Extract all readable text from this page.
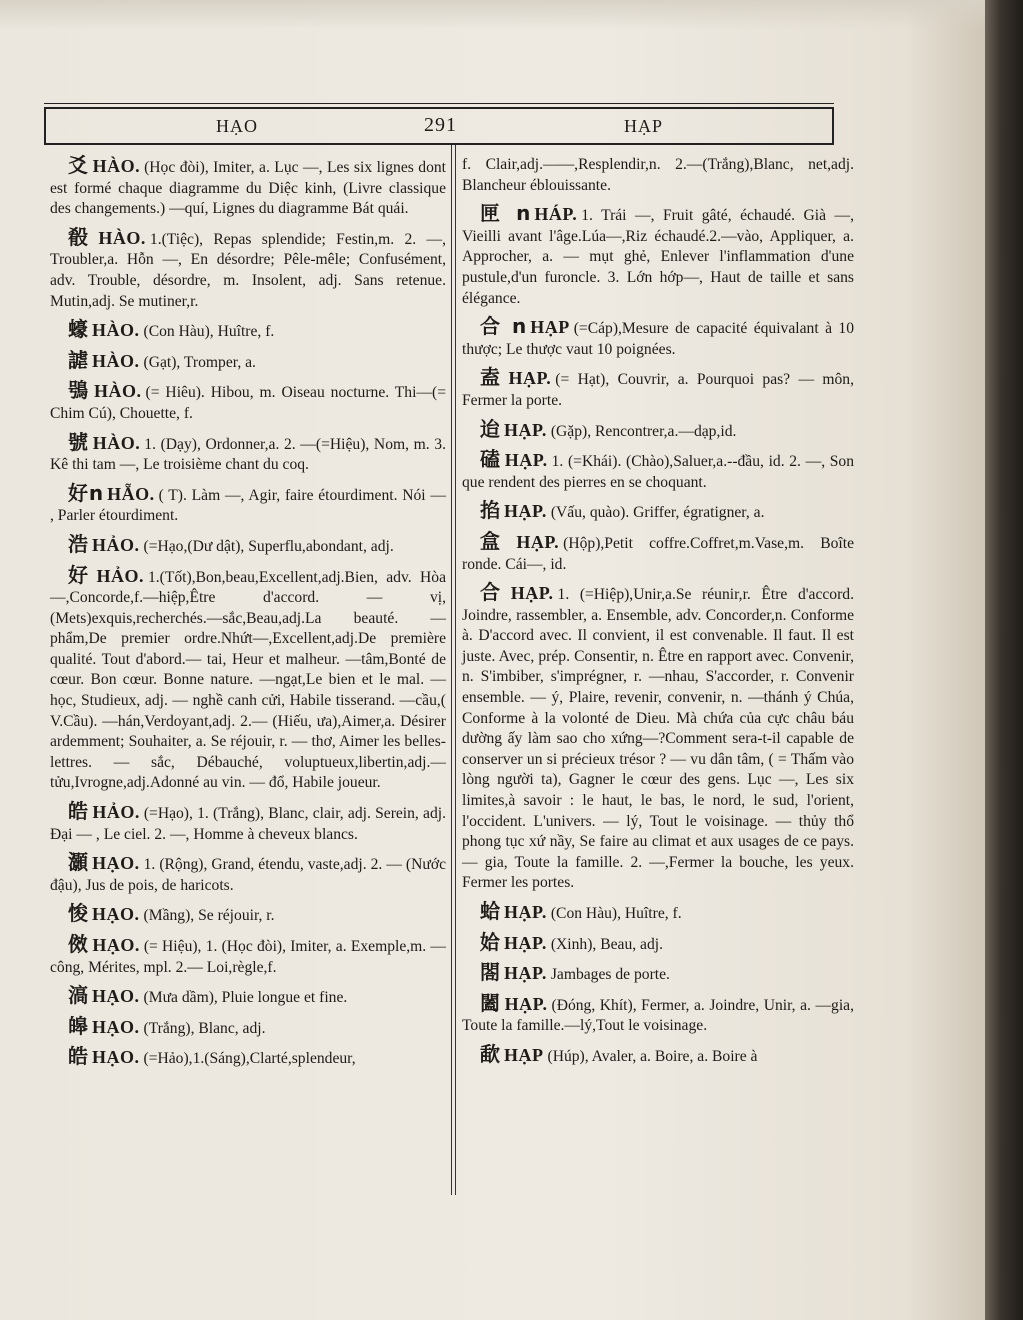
HẠO	291	HẠP

爻 HÀO. (Học đòi), Imiter, a. Lục —, Les six lignes dont est formé chaque diagramme du Diệc kinh, (Livre classique des changements.) —quí, Lignes du diagramme Bát quái.

殽 HÀO. 1.(Tiệc), Repas splendide; Festin,m. 2. —, Troubler,a. Hỗn —, En désordre; Pêle-mêle; Confusément, adv. Trouble, désordre, m. Insolent, adj. Sans retenue. Mutin,adj. Se mutiner,r.

蠔 HÀO. (Con Hàu), Huître, f.

謔 HÀO. (Gạt), Tromper, a.

鴞 HÀO. (= Hiêu). Hibou, m. Oiseau nocturne. Thi—(= Chim Cú), Chouette, f.

號 HÀO. 1. (Dạy), Ordonner,a. 2. —(=Hiệu), Nom, m. 3. Kê thi tam —, Le troisième chant du coq.

好n HẴO. ( T). Làm —, Agir, faire étourdiment. Nói — , Parler étourdiment.

浩 HẢO. (=Hạo,(Dư dật), Superflu,abondant, adj.

好 HẢO. 1.(Tốt),Bon,beau,Excellent,adj.Bien, adv. Hòa—,Concorde,f.—hiệp,Être d'accord. — vị, (Mets)exquis,recherchés.—sắc,Beau,adj.La beauté. —phẩm,De premier ordre.Nhứt—,Excellent,adj.De première qualité. Tout d'abord.— tai, Heur et malheur. —tâm,Bonté de cœur. Bon cœur. Bonne nature. —ngạt,Le bien et le mal. — học, Studieux, adj. — nghề canh cửi, Habile tisserand. —cầu,( V.Cầu). —hán,Verdoyant,adj. 2.— (Hiếu, ưa),Aimer,a. Désirer ardemment; Souhaiter, a. Se réjouir, r. — thơ, Aimer les belles-lettres. — sắc, Débauché, voluptueux,libertin,adj.—tửu,Ivrogne,adj.Adonné au vin. — đổ, Habile joueur.

皓 HẢO. (=Hạo), 1. (Trắng), Blanc, clair, adj. Serein, adj. Đại — , Le ciel. 2. —, Homme à cheveux blancs.

灝 HẠO. 1. (Rộng), Grand, étendu, vaste,adj. 2. — (Nước đậu), Jus de pois, de haricots.

悛 HẠO. (Mầng), Se réjouir, r.

傚 HẠO. (= Hiệu), 1. (Học đòi), Imiter, a. Exemple,m. —công, Mérites, mpl. 2.— Loi,règle,f.

滈 HẠO. (Mưa dầm), Pluie longue et fine.

皞 HẠO. (Trắng), Blanc, adj.

皓 HẠO. (=Hảo),1.(Sáng),Clarté,splendeur,

f. Clair,adj.——,Resplendir,n. 2.—(Trắng),Blanc, net,adj. Blancheur éblouissante.

匣 n HÁP. 1. Trái —, Fruit gâté, échaudé. Già —, Vieilli avant l'âge.Lúa—,Riz échaudé.2.—vào, Appliquer, a. Approcher, a. — mụt ghẻ, Enlever l'inflammation d'une pustule,d'un furoncle. 3. Lớn hớp—, Haut de taille et sans élégance.

合 n HẠP (=Cáp),Mesure de capacité équivalant à 10 thược; Le thược vaut 10 poignées.

盍 HẠP. (= Hạt), Couvrir, a. Pourquoi pas? — môn, Fermer la porte.

迨 HẠP. (Gặp), Rencontrer,a.—dạp,id.

磕 HẠP. 1. (=Khái). (Chào),Saluer,a.--đầu, id. 2. —, Son que rendent des pierres en se choquant.

掐 HẠP. (Vấu, quào). Griffer, égratigner, a.

盒 HẠP. (Hộp),Petit coffre.Coffret,m.Vase,m. Boîte ronde. Cái—, id.

合 HẠP. 1. (=Hiệp),Unir,a.Se réunir,r. Être d'accord. Joindre, rassembler, a. Ensemble, adv. Concorder,n. Conforme à. D'accord avec. Il convient, il est convenable. Il faut. Il est juste. Avec, prép. Consentir, n. Être en rapport avec. Convenir, n. S'imbiber, s'imprégner, r. —nhau, S'accorder, r. Convenir ensemble. — ý, Plaire, revenir, convenir, n. —thánh ý Chúa, Conforme à la volonté de Dieu. Mà chứa của cực châu báu dường ấy làm sao cho xứng—?Comment sera-t-il capable de conserver un si précieux trésor ? — vu dân tâm, ( = Thấm vào lòng người ta), Gagner le cœur des gens. Lục —, Les six limites,à savoir : le haut, le bas, le nord, le sud, l'orient, l'occident. L'univers. — lý, Tout le voisinage. — thủy thổ phong tục xứ nầy, Se faire au climat et aux usages de ce pays. — gia, Toute la famille. 2. —,Fermer la bouche, les yeux. Fermer les portes.

蛤 HẠP. (Con Hàu), Huître, f.

姶 HẠP. (Xinh), Beau, adj.

閤 HẠP. Jambages de porte.

闔 HẠP. (Đóng, Khít), Fermer, a. Joindre, Unir, a. —gia, Toute la famille.—lý,Tout le voisinage.

歃 HẠP (Húp), Avaler, a. Boire, a. Boire à
